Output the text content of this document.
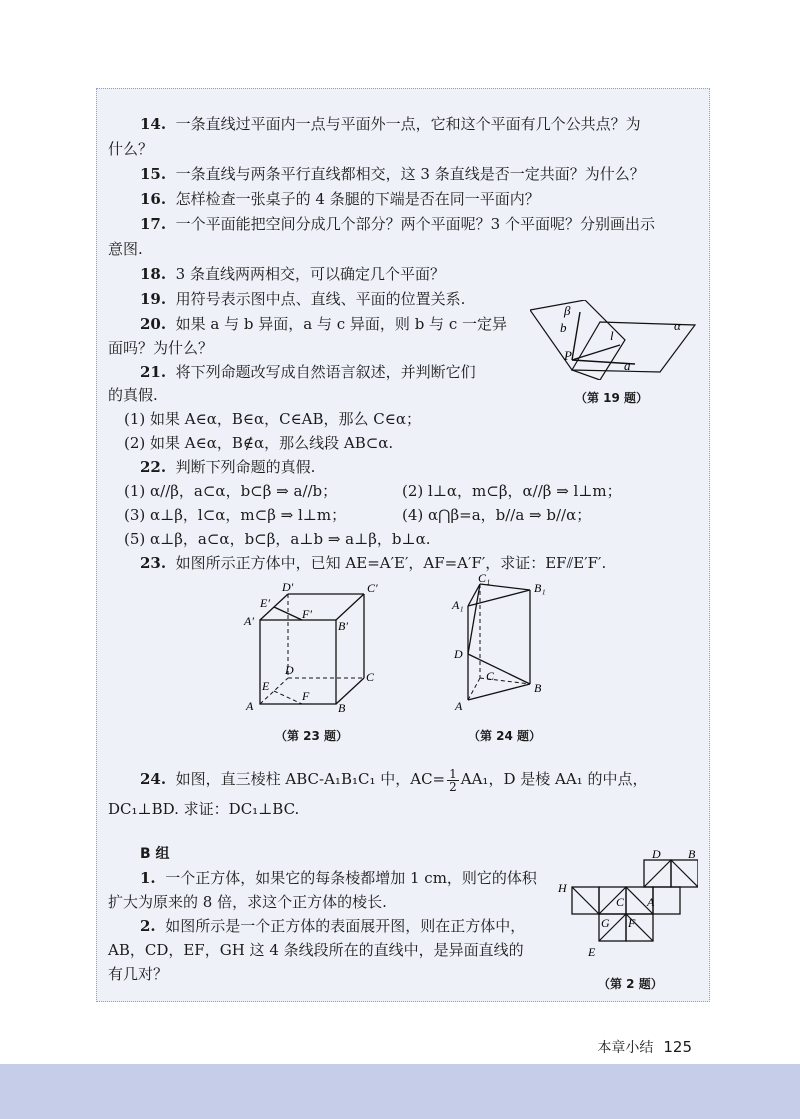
14. 一条直线过平面内一点与平面外一点，它和这个平面有几个公共点？为
什么？
15. 一条直线与两条平行直线都相交，这 3 条直线是否一定共面？为什么？
16. 怎样检查一张桌子的 4 条腿的下端是否在同一平面内？
17. 一个平面能把空间分成几个部分？两个平面呢？3 个平面呢？分别画出示
意图.
18. 3 条直线两两相交，可以确定几个平面？
19. 用符号表示图中点、直线、平面的位置关系.
20. 如果 a 与 b 异面，a 与 c 异面，则 b 与 c 一定异
面吗？为什么？
21. 将下列命题改写成自然语言叙述，并判断它们
的真假.
(1) 如果 A∈α，B∈α，C∈AB，那么 C∈α；
(2) 如果 A∈α，B∉α，那么线段 AB⊂α.
22. 判断下列命题的真假.
(1) α//β，a⊂α，b⊂β ⇒ a//b；	(2) l⊥α，m⊂β，α//β ⇒ l⊥m；
(3) α⊥β，l⊂α，m⊂β ⇒ l⊥m；	(4) α⋂β=a，b//a ⇒ b//α；
(5) α⊥β，a⊂α，b⊂β，a⊥b ⇒ a⊥β，b⊥α.
23. 如图所示正方体中，已知 AE=A′E′，AF=A′F′，求证：EF⫽E′F′.
β
b
l
α
P
a
（第 19 题）
D′	C′
E′
F′
A′	B′
D	C
E
F
A	B
（第 23 题）
C₁
B₁
A₁
D
C
A
B
（第 24 题）
24. 如图，直三棱柱 ABC-A₁B₁C₁ 中，$AC= \frac{1}{2} AA_1$，D 是棱 AA₁ 的中点，
DC₁⊥BD. 求证：DC₁⊥BC.
B 组
1. 一个正方体，如果它的每条棱都增加 1 cm，则它的体积
扩大为原来的 8 倍，求这个正方体的棱长.
2. 如图所示是一个正方体的表面展开图，则在正方体中，
AB，CD，EF，GH 这 4 条线段所在的直线中，是异面直线的
有几对？
D B
H
C A
G F
E
（第 2 题）
本章小结 125
